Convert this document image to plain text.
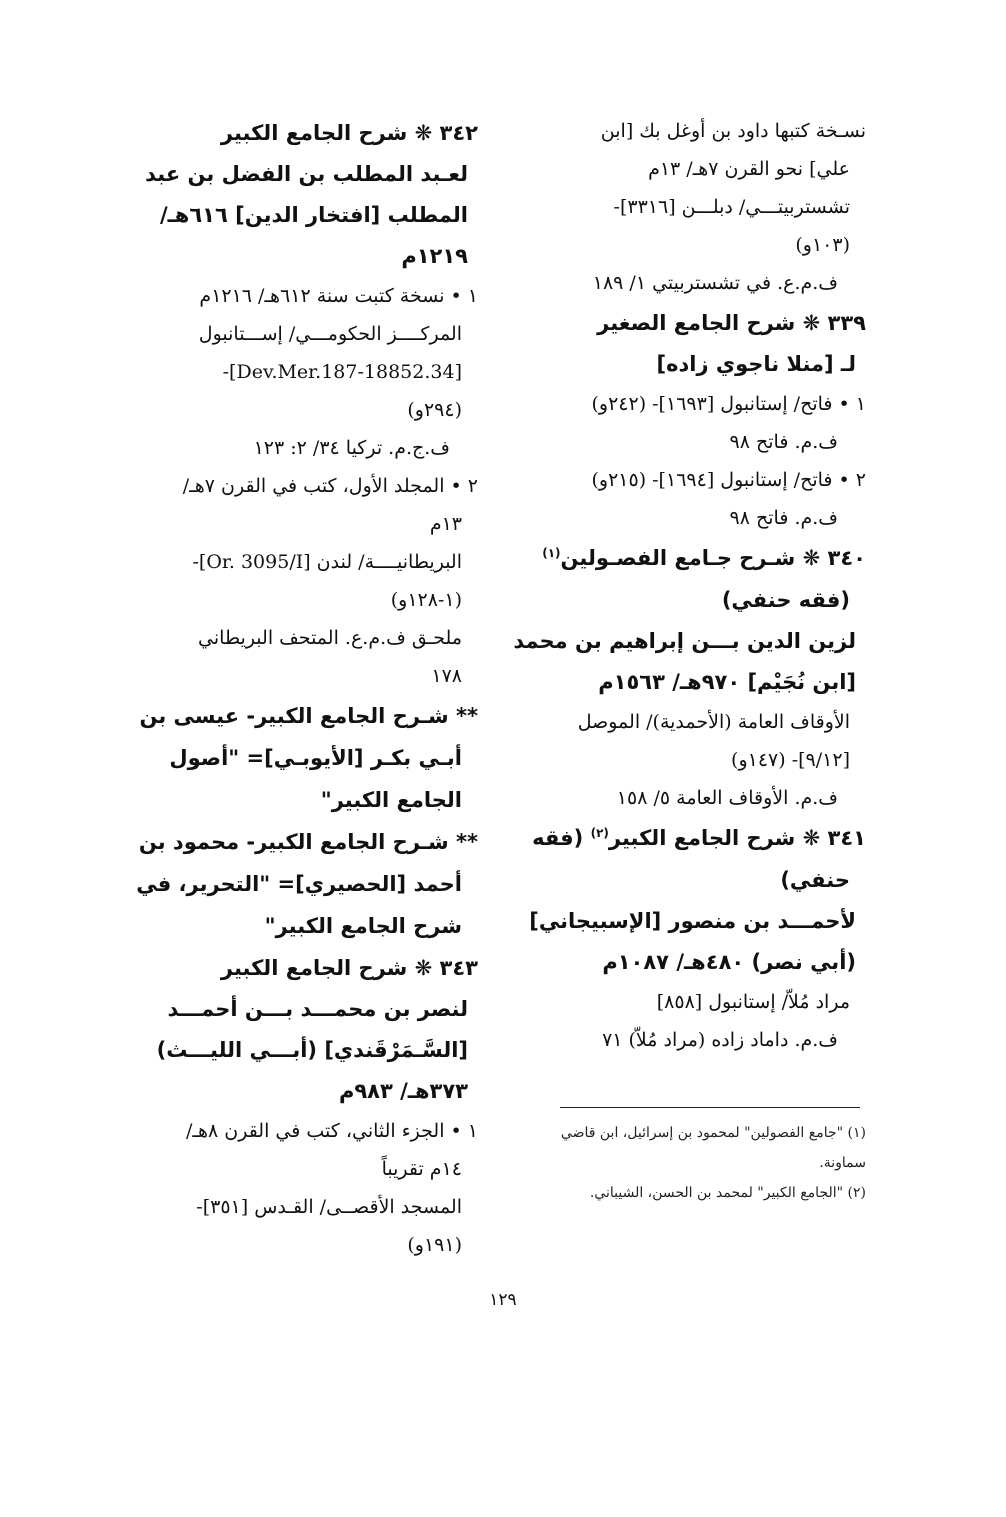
نسـخة كتبها داود بن أوغل بك [ابن
علي] نحو القرن ٧هـ/ ١٣م
تشستربيتـــي/ دبلـــن [٣٣١٦]-
(١٠٣و)
ف.م.ع. في تشستربيتي ١/ ١٨٩
٣٣٩ ❋ شرح الجامع الصغير
لـ [منلا ناجوي زاده]
١ • فاتح/ إستانبول [١٦٩٣]- (٢٤٢و)
ف.م. فاتح ٩٨
٢ • فاتح/ إستانبول [١٦٩٤]- (٢١٥و)
ف.م. فاتح ٩٨
٣٤٠ ❋ شـرح جـامع الفصـولين$^{(١)}$
(فقه حنفي)
لزين الدين بـــن إبراهيم بن محمد
[ابن نُجَيْم] ٩٧٠هـ/ ١٥٦٣م
الأوقاف العامة (الأحمدية)/ الموصل
[٩/١٢]- (١٤٧و)
ف.م. الأوقاف العامة ٥/ ١٥٨
٣٤١ ❋ شرح الجامع الكبير$^{(٢)}$ (فقه
حنفي)
لأحمـــد بن منصور [الإسبيجاني]
(أبي نصر) ٤٨٠هـ/ ١٠٨٧م
مراد مُلاّ/ إستانبول [٨٥٨]
ف.م. داماد زاده (مراد مُلاّ) ٧١
٣٤٢ ❋ شرح الجامع الكبير
لعـبد المطلب بن الفضل بن عبد
المطلب [افتخار الدين] ٦١٦هـ/
١٢١٩م
١ • نسخة كتبت سنة ٦١٢هـ/ ١٢١٦م
المركــــز الحكومـــي/ إســـتانبول
[34.Dev.Mer.187-18852]-
(٢٩٤و)
ف.ج.م. تركيا ٣٤/ ٢: ١٢٣
٢ • المجلد الأول، كتب في القرن ٧هـ/
١٣م
البريطانيــــة/ لندن [Or. 3095/I]-
(١-١٢٨و)
ملحـق ف.م.ع. المتحف البريطاني
١٧٨
** شـرح الجامع الكبير- عيسى بن
أبـي بكـر [الأيوبـي]= "أصول
الجامع الكبير"
** شـرح الجامع الكبير- محمود بن
أحمد [الحصيري]= "التحرير، في
شرح الجامع الكبير"
٣٤٣ ❋ شرح الجامع الكبير
لنصر بن محمـــد بـــن أحمـــد
[السَّـمَرْقَندي] (أبـــي الليـــث)
٣٧٣هـ/ ٩٨٣م
١ • الجزء الثاني، كتب في القرن ٨هـ/
١٤م تقريباً
المسجد الأقصــى/ القـدس [٣٥١]-
(١٩١و)
(١) "جامع الفصولين" لمحمود بن إسرائيل، ابن قاضي
سماونة.
(٢) "الجامع الكبير" لمحمد بن الحسن، الشيباني.
١٢٩
